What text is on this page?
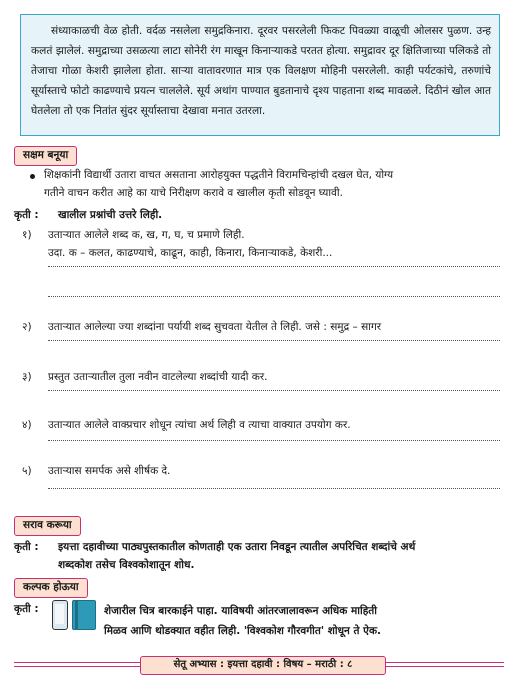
संध्याकाळची वेळ होती. वर्दळ नसलेला समुद्रकिनारा. दूरवर पसरलेली फिकट पिवळ्या वाळूची ओलसर पुळण. उन्ह कलतं झालेलं. समुद्राच्या उसळत्या लाटा सोनेरी रंग माखून किनाऱ्याकडे परतत होत्या. समुद्रावर दूर क्षितिजाच्या पलिकडे तो तेजाचा गोळा केशरी झालेला होता. साऱ्या वातावरणात मात्र एक विलक्षण मोहिनी पसरलेली. काही पर्यटकांचे, तरुणांचे सूर्यास्ताचे फोटो काढण्याचे प्रयत्न चाललेले. सूर्य अथांग पाण्यात बुडतानाचे दृश्य पाहताना शब्द मावळले. दिठीनं खोल आत घेतलेला तो एक नितांत सुंदर सूर्यास्ताचा देखावा मनात उतरला.

सक्षम बनूया
शिक्षकांनी विद्यार्थी उतारा वाचत असताना आरोहयुक्त पद्धतीने विरामचिन्हांची दखल घेत, योग्य
गतीने वाचन करीत आहे का याचे निरीक्षण करावे व खालील कृती सोडवून घ्यावी.
कृती : खालील प्रश्नांची उत्तरे लिही.
१) उताऱ्यात आलेले शब्द क, ख, ग, घ, च प्रमाणे लिही.
उदा. क – कलत, काढण्याचे, काढून, काही, किनारा, किनाऱ्याकडे, केशरी...
२) उताऱ्यात आलेल्या ज्या शब्दांना पर्यायी शब्द सुचवता येतील ते लिही. जसे : समुद्र – सागर
३) प्रस्तुत उताऱ्यातील तुला नवीन वाटलेल्या शब्दांची यादी कर.
४) उताऱ्यात आलेले वाक्प्रचार शोधून त्यांचा अर्थ लिही व त्याचा वाक्यात उपयोग कर.
५) उताऱ्यास समर्पक असे शीर्षक दे.
सराव करूया
कृती : इयत्ता दहावीच्या पाठ्यपुस्तकातील कोणताही एक उतारा निवडून त्यातील अपरिचित शब्दांचे अर्थ
शब्दकोश तसेच विश्वकोशातून शोध.
कल्पक होऊया
कृती :	शेजारील चित्र बारकाईने पाहा. याविषयी आंतरजालावरून अधिक माहिती
मिळव आणि थोडक्यात वहीत लिही. 'विश्वकोश गौरवगीत' शोधून ते ऐक.
सेतू अभ्यास : इयत्ता दहावी : विषय – मराठी : ८
